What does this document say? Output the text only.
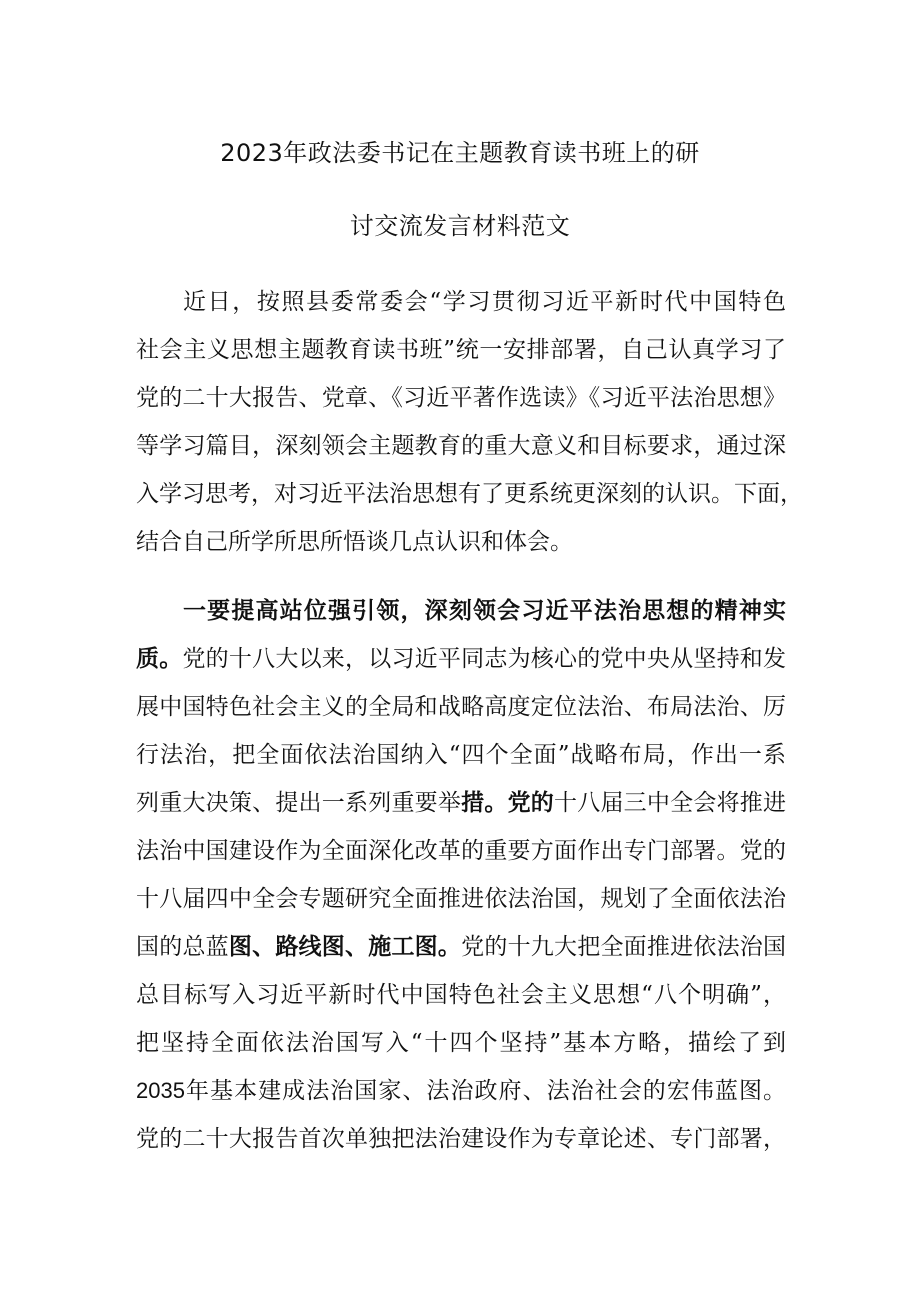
2023年政法委书记在主题教育读书班上的研
讨交流发言材料范文
近日，按照县委常委会“学习贯彻习近平新时代中国特色
社会主义思想主题教育读书班”统一安排部署，自己认真学习了
党的二十大报告、党章、《习近平著作选读》《习近平法治思想》
等学习篇目，深刻领会主题教育的重大意义和目标要求，通过深
入学习思考，对习近平法治思想有了更系统更深刻的认识。下面，
结合自己所学所思所悟谈几点认识和体会。
一要提高站位强引领，深刻领会习近平法治思想的精神实
质。党的十八大以来，以习近平同志为核心的党中央从坚持和发
展中国特色社会主义的全局和战略高度定位法治、布局法治、厉
行法治，把全面依法治国纳入“四个全面”战略布局，作出一系
列重大决策、提出一系列重要举措。党的十八届三中全会将推进
法治中国建设作为全面深化改革的重要方面作出专门部署。党的
十八届四中全会专题研究全面推进依法治国，规划了全面依法治
国的总蓝图、路线图、施工图。党的十九大把全面推进依法治国
总目标写入习近平新时代中国特色社会主义思想“八个明确”，
把坚持全面依法治国写入“十四个坚持”基本方略，描绘了到
2035年基本建成法治国家、法治政府、法治社会的宏伟蓝图。
党的二十大报告首次单独把法治建设作为专章论述、专门部署，
